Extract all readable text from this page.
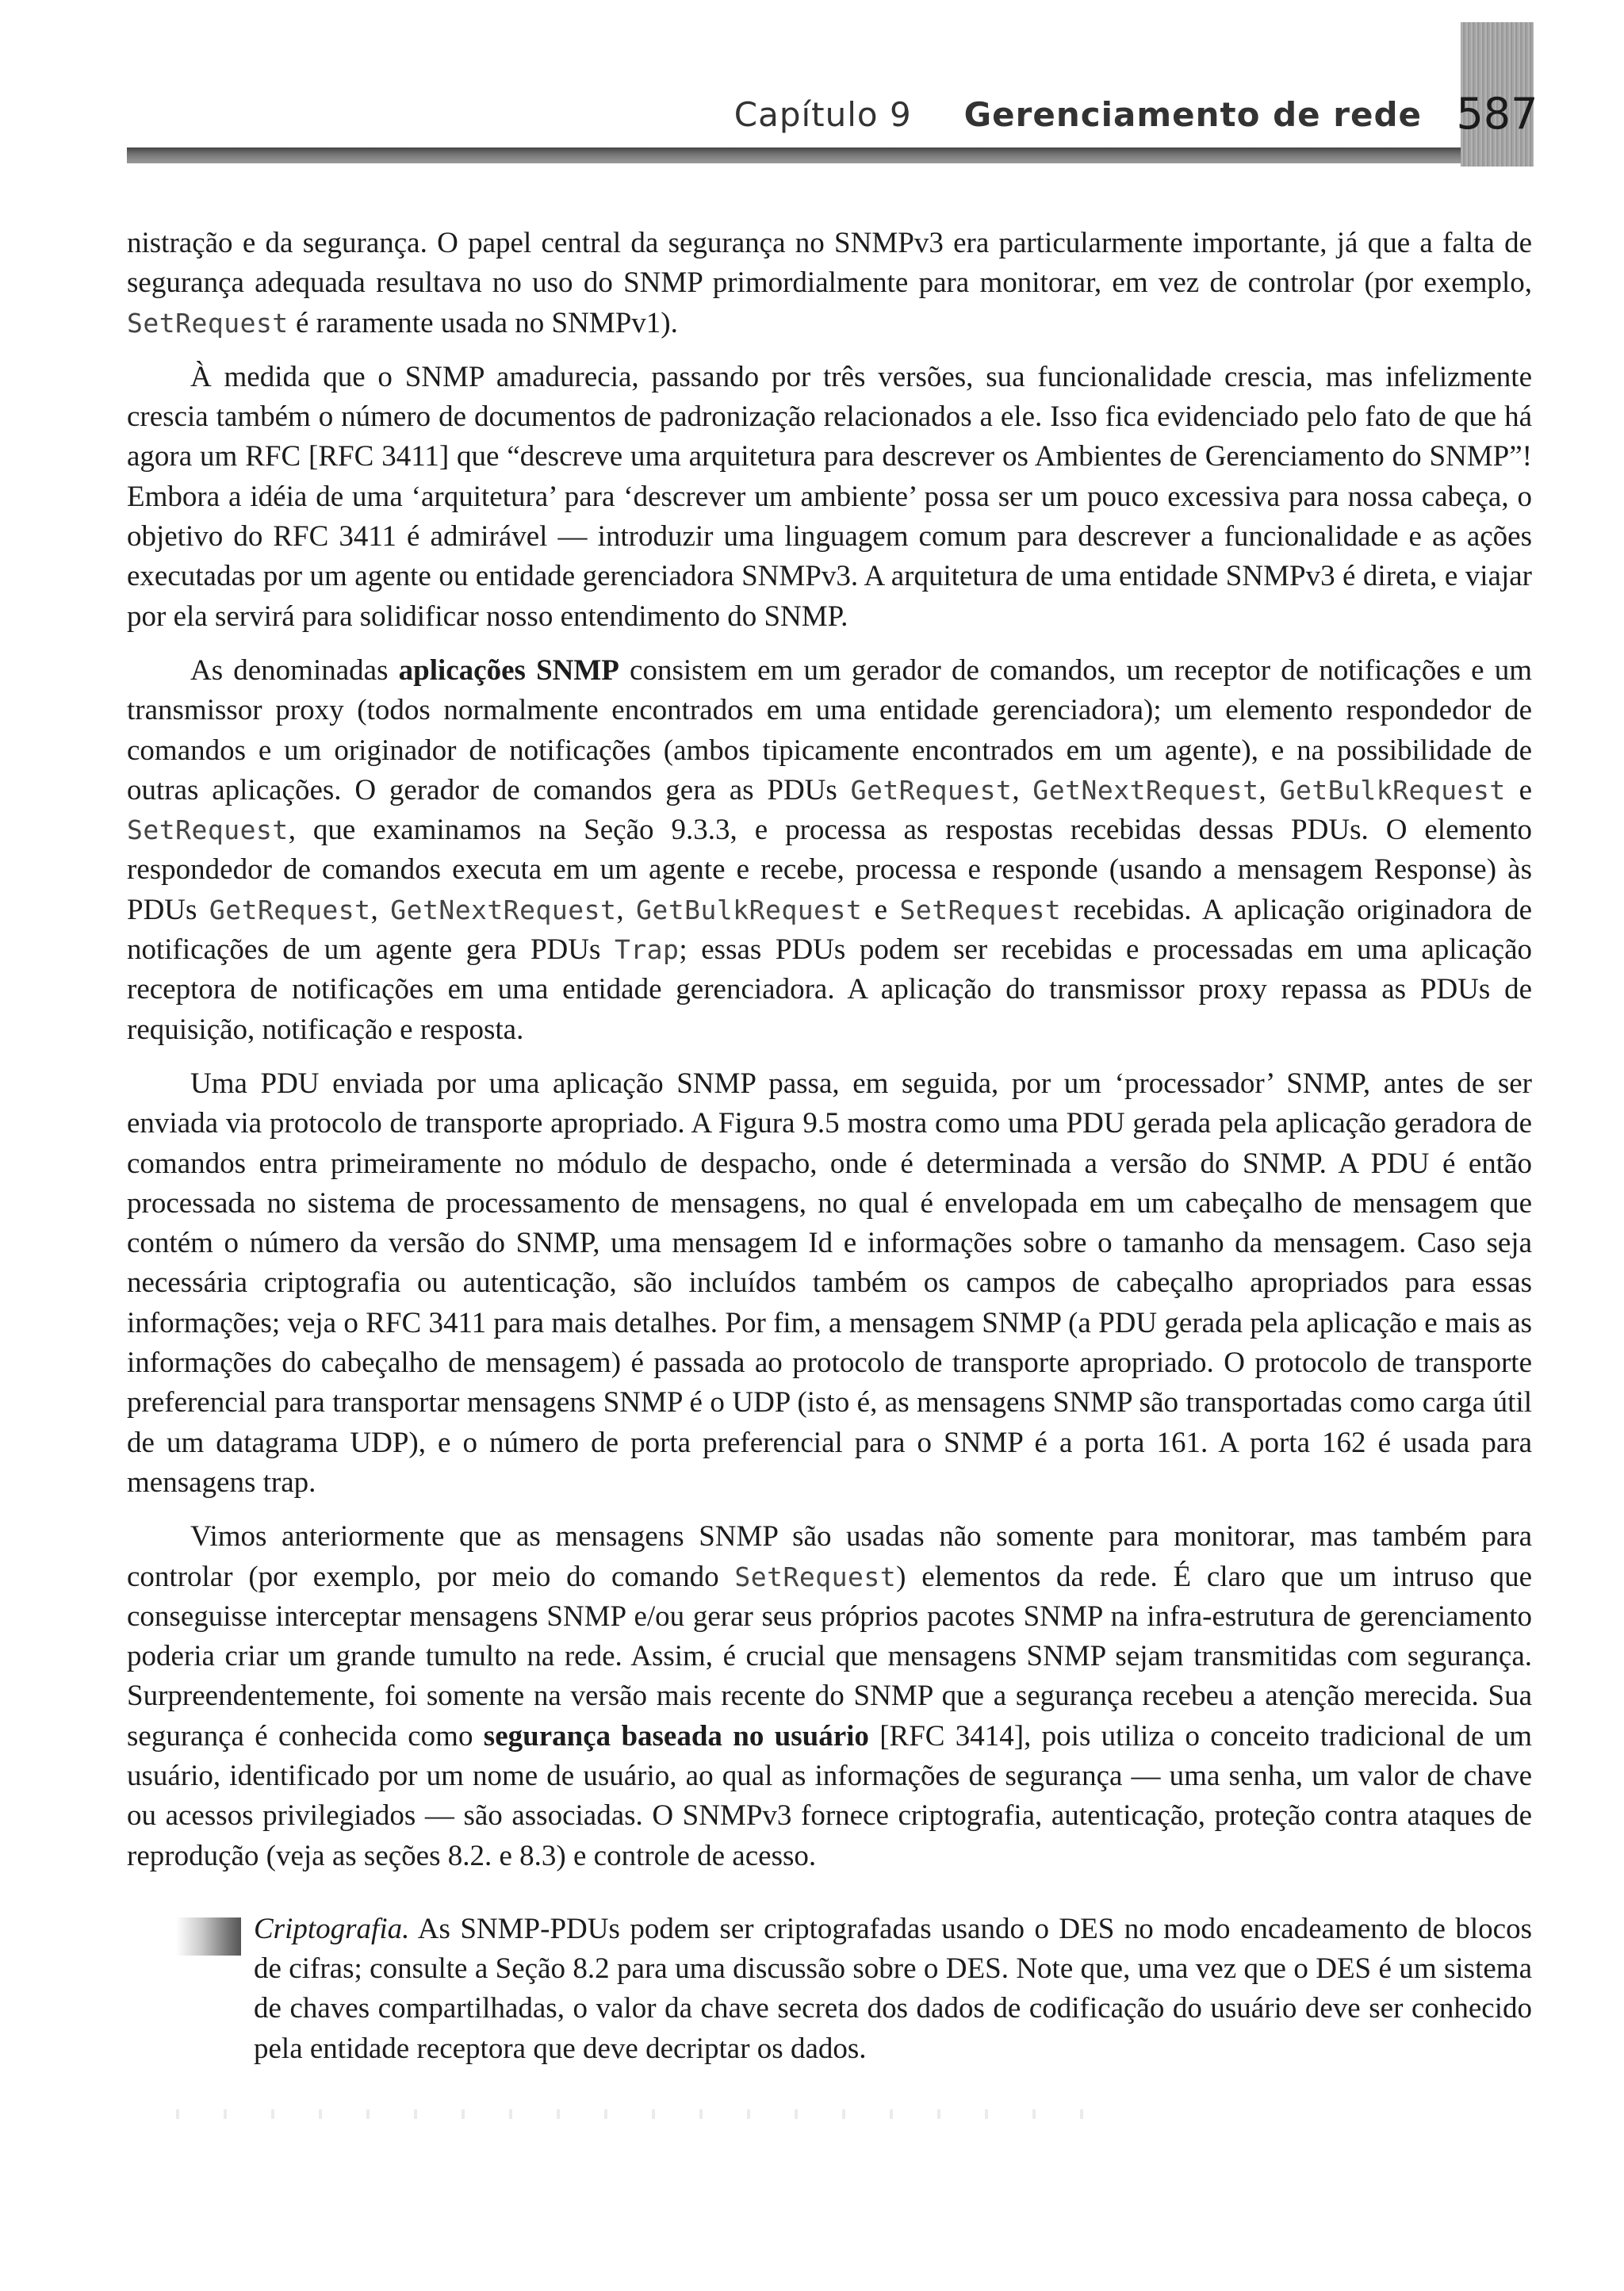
Capítulo 9 Gerenciamento de rede 587

nistração e da segurança. O papel central da segurança no SNMPv3 era particularmente importante, já que a falta de segurança adequada resultava no uso do SNMP primordialmente para monitorar, em vez de controlar (por exemplo, SetRequest é raramente usada no SNMPv1).

À medida que o SNMP amadurecia, passando por três versões, sua funcionalidade crescia, mas infelizmente crescia também o número de documentos de padronização relacionados a ele. Isso fica evidenciado pelo fato de que há agora um RFC [RFC 3411] que “descreve uma arquitetura para descrever os Ambientes de Gerenciamento do SNMP”! Embora a idéia de uma ‘arquitetura’ para ‘descrever um ambiente’ possa ser um pouco excessiva para nossa cabeça, o objetivo do RFC 3411 é admirável — introduzir uma linguagem comum para descrever a funcionalidade e as ações executadas por um agente ou entidade gerenciadora SNMPv3. A arquitetura de uma entidade SNMPv3 é direta, e viajar por ela servirá para solidificar nosso entendimento do SNMP.

As denominadas aplicações SNMP consistem em um gerador de comandos, um receptor de notificações e um transmissor proxy (todos normalmente encontrados em uma entidade gerenciadora); um elemento respondedor de comandos e um originador de notificações (ambos tipicamente encontrados em um agente), e na possibilidade de outras aplicações. O gerador de comandos gera as PDUs GetRequest, GetNextRequest, GetBulkRequest e SetRequest, que examinamos na Seção 9.3.3, e processa as respostas recebidas dessas PDUs. O elemento respondedor de comandos executa em um agente e recebe, processa e responde (usando a mensagem Response) às PDUs GetRequest, GetNextRequest, GetBulkRequest e SetRequest recebidas. A aplicação originadora de notificações de um agente gera PDUs Trap; essas PDUs podem ser recebidas e processadas em uma aplicação receptora de notificações em uma entidade gerenciadora. A aplicação do transmissor proxy repassa as PDUs de requisição, notificação e resposta.

Uma PDU enviada por uma aplicação SNMP passa, em seguida, por um ‘processador’ SNMP, antes de ser enviada via protocolo de transporte apropriado. A Figura 9.5 mostra como uma PDU gerada pela aplicação geradora de comandos entra primeiramente no módulo de despacho, onde é determinada a versão do SNMP. A PDU é então processada no sistema de processamento de mensagens, no qual é envelopada em um cabeçalho de mensagem que contém o número da versão do SNMP, uma mensagem Id e informações sobre o tamanho da mensagem. Caso seja necessária criptografia ou autenticação, são incluídos também os campos de cabeçalho apropriados para essas informações; veja o RFC 3411 para mais detalhes. Por fim, a mensagem SNMP (a PDU gerada pela aplicação e mais as informações do cabeçalho de mensagem) é passada ao protocolo de transporte apropriado. O protocolo de transporte preferencial para transportar mensagens SNMP é o UDP (isto é, as mensagens SNMP são transportadas como carga útil de um datagrama UDP), e o número de porta preferencial para o SNMP é a porta 161. A porta 162 é usada para mensagens trap.

Vimos anteriormente que as mensagens SNMP são usadas não somente para monitorar, mas também para controlar (por exemplo, por meio do comando SetRequest) elementos da rede. É claro que um intruso que conseguisse interceptar mensagens SNMP e/ou gerar seus próprios pacotes SNMP na infra-estrutura de gerenciamento poderia criar um grande tumulto na rede. Assim, é crucial que mensagens SNMP sejam transmitidas com segurança. Surpreendentemente, foi somente na versão mais recente do SNMP que a segurança recebeu a atenção merecida. Sua segurança é conhecida como segurança baseada no usuário [RFC 3414], pois utiliza o conceito tradicional de um usuário, identificado por um nome de usuário, ao qual as informações de segurança — uma senha, um valor de chave ou acessos privilegiados — são associadas. O SNMPv3 fornece criptografia, autenticação, proteção contra ataques de reprodução (veja as seções 8.2. e 8.3) e controle de acesso.

Criptografia. As SNMP-PDUs podem ser criptografadas usando o DES no modo encadeamento de blocos de cifras; consulte a Seção 8.2 para uma discussão sobre o DES. Note que, uma vez que o DES é um sistema de chaves compartilhadas, o valor da chave secreta dos dados de codificação do usuário deve ser conhecido pela entidade receptora que deve decriptar os dados.
